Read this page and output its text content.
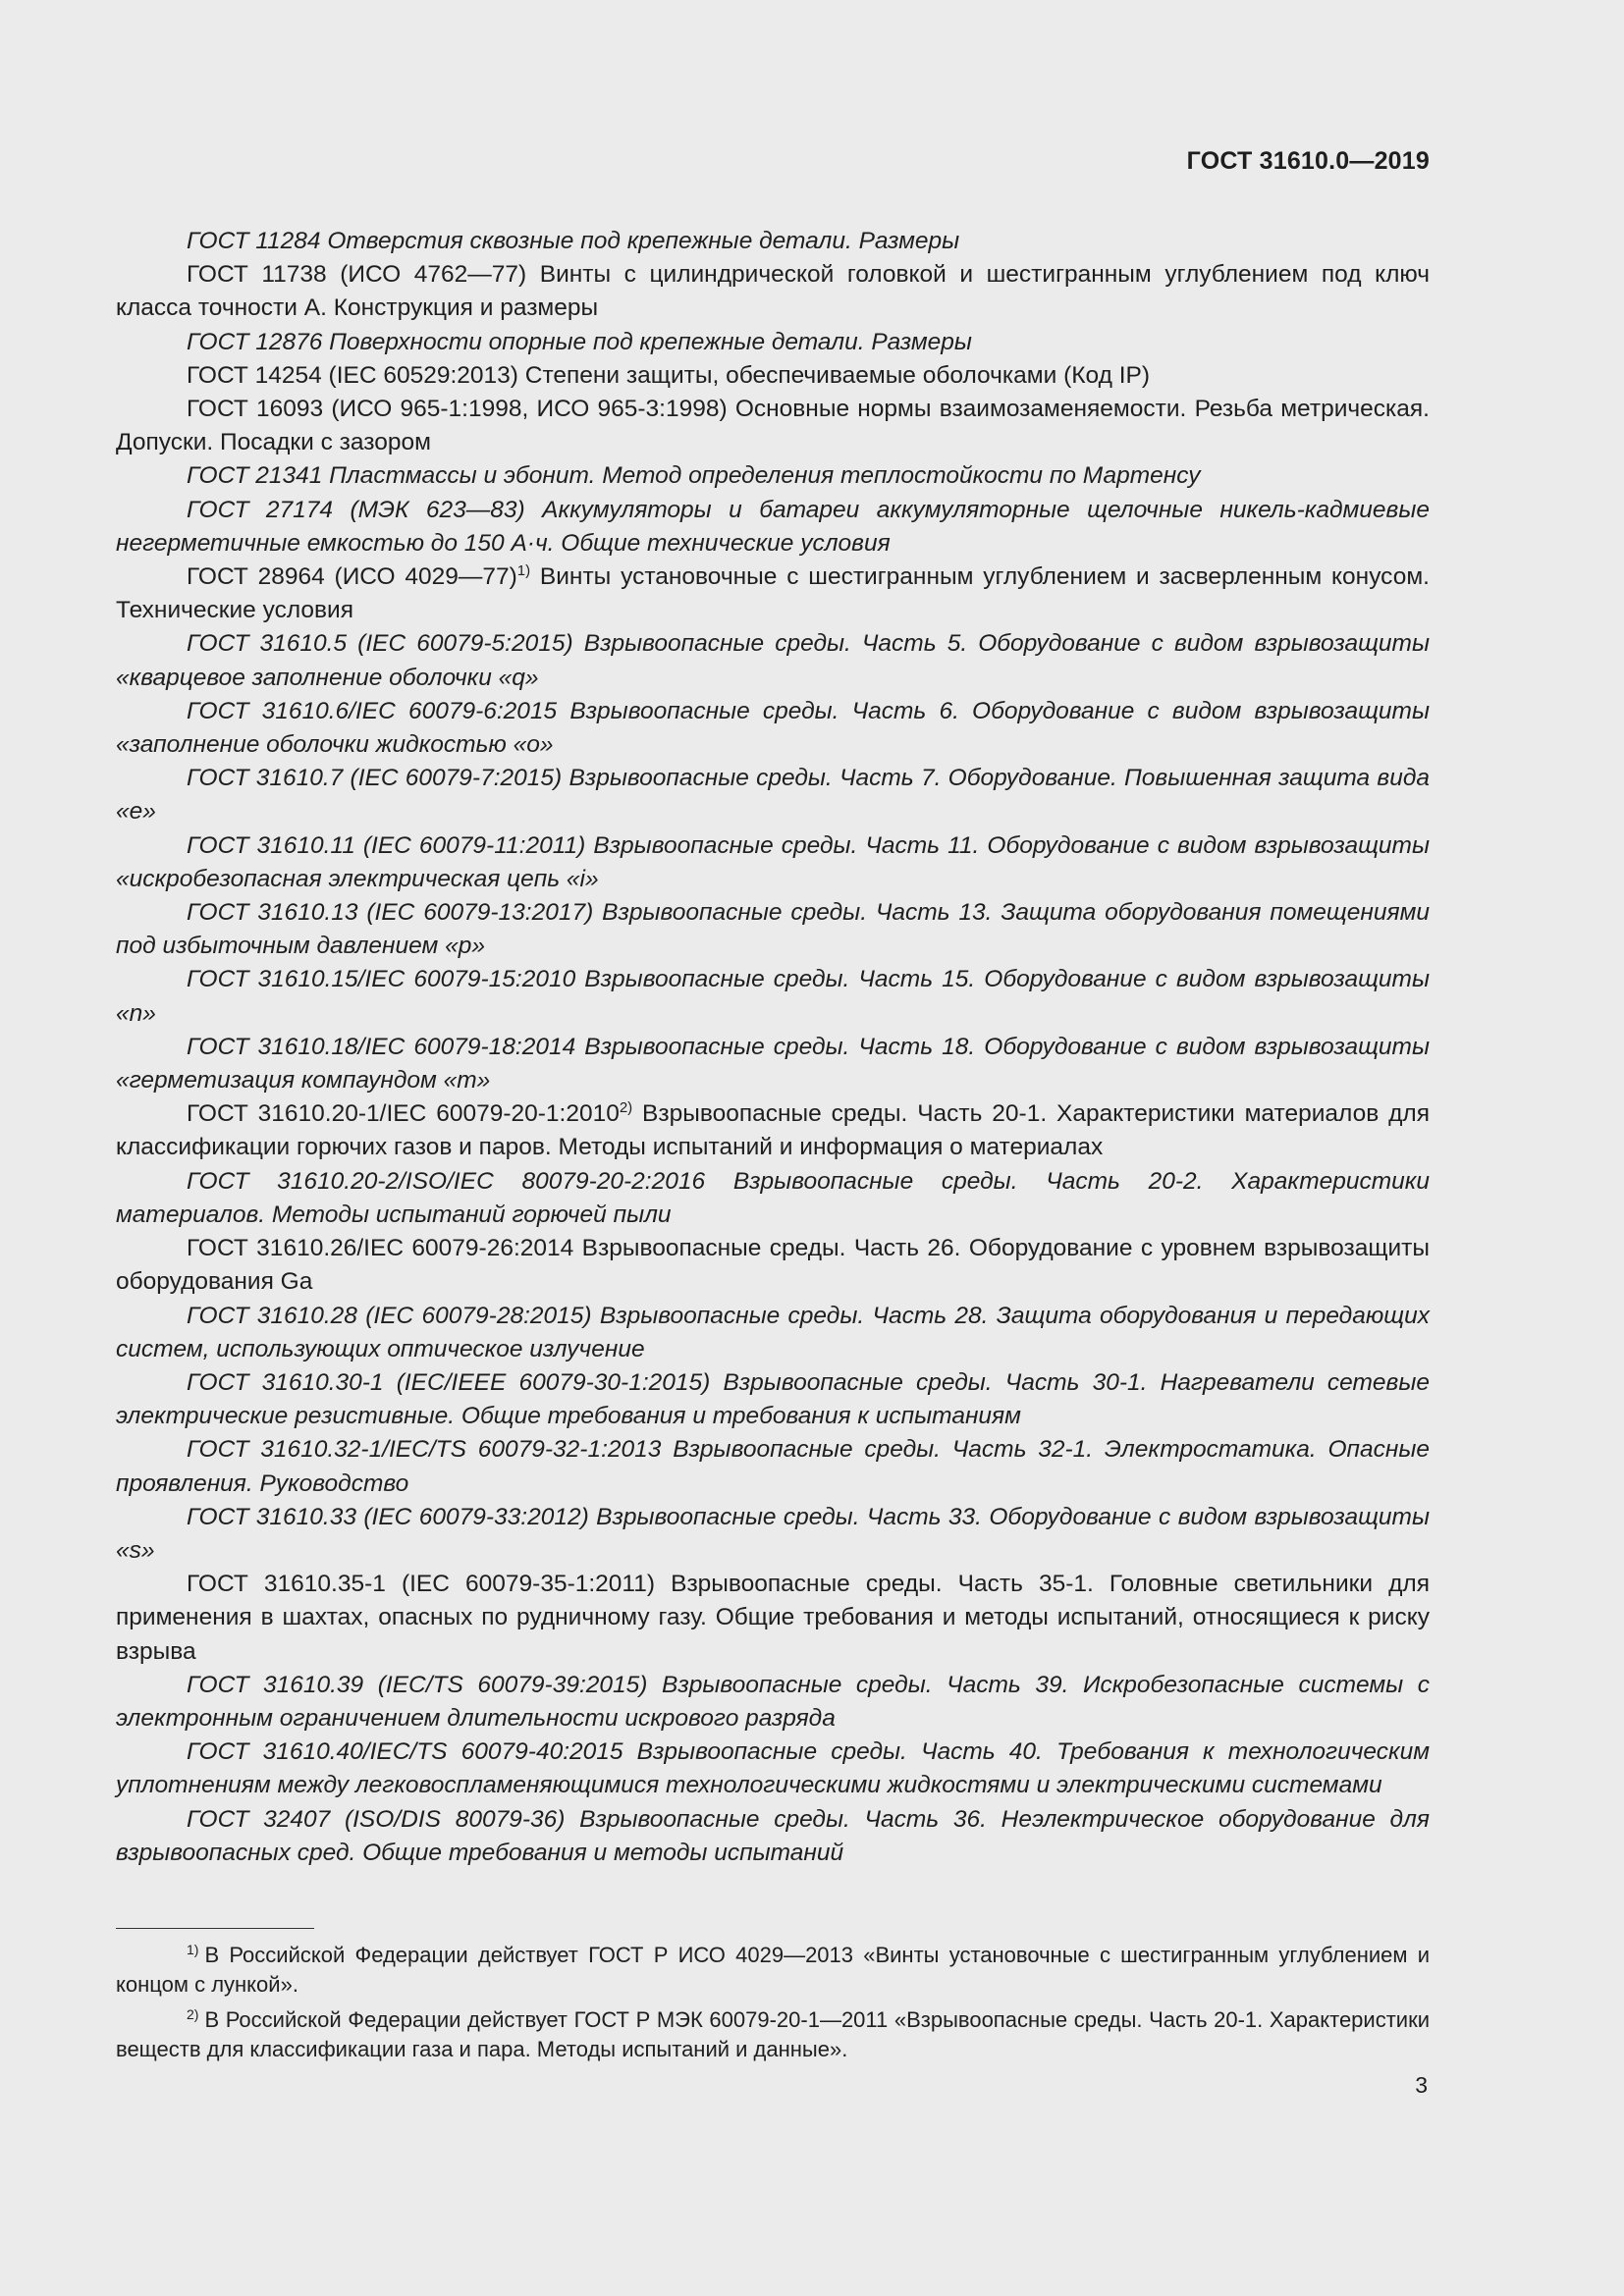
ГОСТ 31610.0—2019

ГОСТ 11284 Отверстия сквозные под крепежные детали. Размеры

ГОСТ 11738 (ИСО 4762—77) Винты с цилиндрической головкой и шестигранным углублением под ключ класса точности А. Конструкция и размеры

ГОСТ 12876 Поверхности опорные под крепежные детали. Размеры

ГОСТ 14254 (IEC 60529:2013) Степени защиты, обеспечиваемые оболочками (Код IP)

ГОСТ 16093 (ИСО 965-1:1998, ИСО 965-3:1998) Основные нормы взаимозаменяемости. Резьба метрическая. Допуски. Посадки с зазором

ГОСТ 21341 Пластмассы и эбонит. Метод определения теплостойкости по Мартенсу

ГОСТ 27174 (МЭК 623—83) Аккумуляторы и батареи аккумуляторные щелочные никель-кадмиевые негерметичные емкостью до 150 А·ч. Общие технические условия

ГОСТ 28964 (ИСО 4029—77)$^{1)}$ Винты установочные с шестигранным углублением и засверленным конусом. Технические условия

ГОСТ 31610.5 (IEC 60079-5:2015) Взрывоопасные среды. Часть 5. Оборудование с видом взрывозащиты «кварцевое заполнение оболочки «q»

ГОСТ 31610.6/IEC 60079-6:2015 Взрывоопасные среды. Часть 6. Оборудование с видом взрывозащиты «заполнение оболочки жидкостью «о»

ГОСТ 31610.7 (IEC 60079-7:2015) Взрывоопасные среды. Часть 7. Оборудование. Повышенная защита вида «е»

ГОСТ 31610.11 (IEC 60079-11:2011) Взрывоопасные среды. Часть 11. Оборудование с видом взрывозащиты «искробезопасная электрическая цепь «i»

ГОСТ 31610.13 (IEC 60079-13:2017) Взрывоопасные среды. Часть 13. Защита оборудования помещениями под избыточным давлением «р»

ГОСТ 31610.15/IEC 60079-15:2010 Взрывоопасные среды. Часть 15. Оборудование с видом взрывозащиты «n»

ГОСТ 31610.18/IEC 60079-18:2014 Взрывоопасные среды. Часть 18. Оборудование с видом взрывозащиты «герметизация компаундом «m»

ГОСТ 31610.20-1/IEC 60079-20-1:2010$^{2)}$ Взрывоопасные среды. Часть 20-1. Характеристики материалов для классификации горючих газов и паров. Методы испытаний и информация о материалах

ГОСТ 31610.20-2/ISO/IEC 80079-20-2:2016 Взрывоопасные среды. Часть 20-2. Характеристики материалов. Методы испытаний горючей пыли

ГОСТ 31610.26/IEC 60079-26:2014 Взрывоопасные среды. Часть 26. Оборудование с уровнем взрывозащиты оборудования Ga

ГОСТ 31610.28 (IEC 60079-28:2015) Взрывоопасные среды. Часть 28. Защита оборудования и передающих систем, использующих оптическое излучение

ГОСТ 31610.30-1 (IEC/IEEE 60079-30-1:2015) Взрывоопасные среды. Часть 30-1. Нагреватели сетевые электрические резистивные. Общие требования и требования к испытаниям

ГОСТ 31610.32-1/IEC/TS 60079-32-1:2013 Взрывоопасные среды. Часть 32-1. Электростатика. Опасные проявления. Руководство

ГОСТ 31610.33 (IEC 60079-33:2012) Взрывоопасные среды. Часть 33. Оборудование с видом взрывозащиты «s»

ГОСТ 31610.35-1 (IEC 60079-35-1:2011) Взрывоопасные среды. Часть 35-1. Головные светильники для применения в шахтах, опасных по рудничному газу. Общие требования и методы испытаний, относящиеся к риску взрыва

ГОСТ 31610.39 (IEC/TS 60079-39:2015) Взрывоопасные среды. Часть 39. Искробезопасные системы с электронным ограничением длительности искрового разряда

ГОСТ 31610.40/IEC/TS 60079-40:2015 Взрывоопасные среды. Часть 40. Требования к технологическим уплотнениям между легковоспламеняющимися технологическими жидкостями и электрическими системами

ГОСТ 32407 (ISO/DIS 80079-36) Взрывоопасные среды. Часть 36. Неэлектрическое оборудование для взрывоопасных сред. Общие требования и методы испытаний

$^{1)}$ В Российской Федерации действует ГОСТ Р ИСО 4029—2013 «Винты установочные с шестигранным углублением и концом с лункой».

$^{2)}$ В Российской Федерации действует ГОСТ Р МЭК 60079-20-1—2011 «Взрывоопасные среды. Часть 20-1. Характеристики веществ для классификации газа и пара. Методы испытаний и данные».

3
